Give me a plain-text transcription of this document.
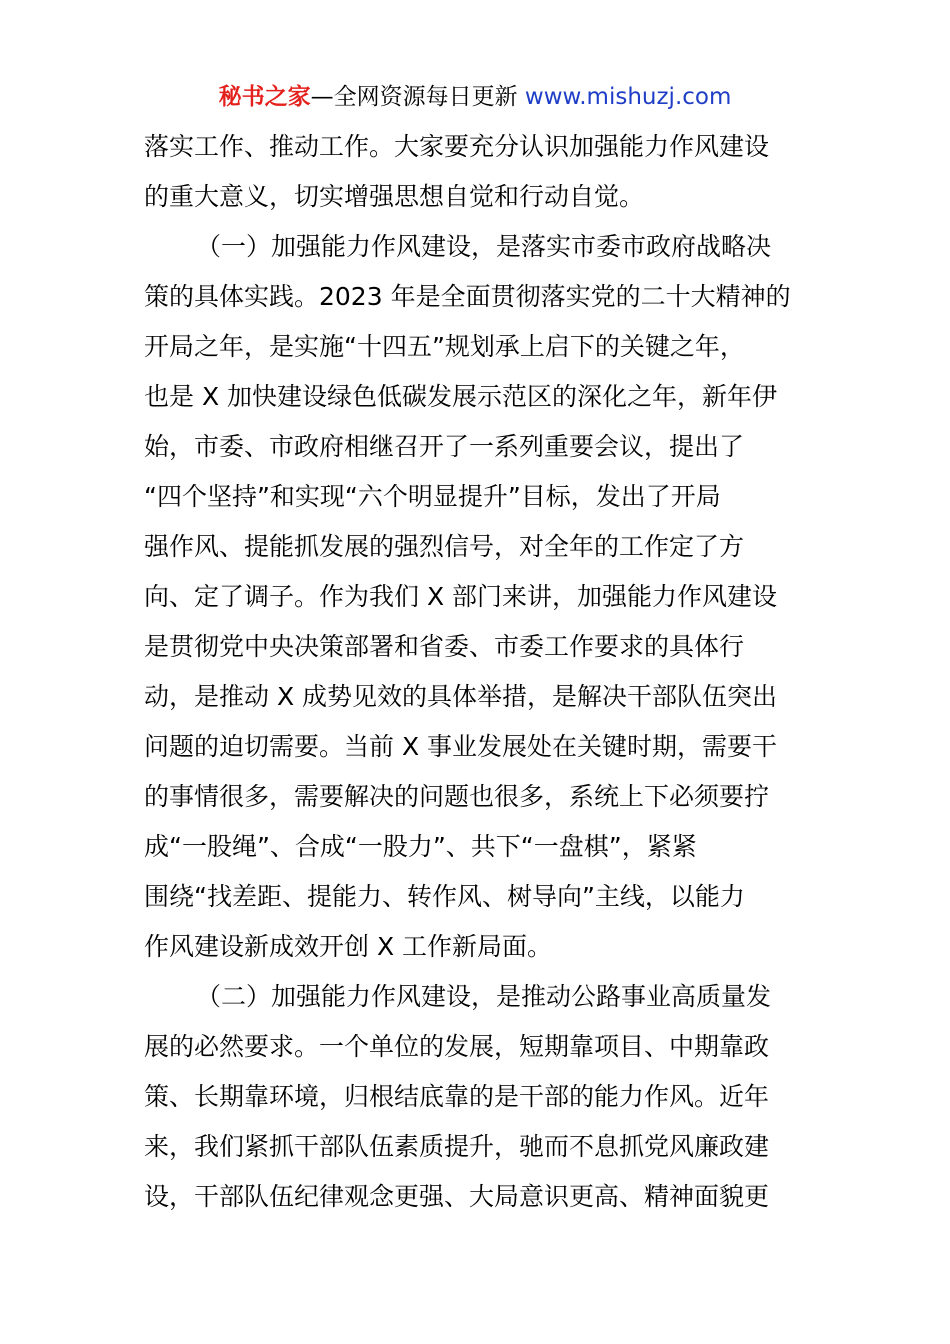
秘书之家—全网资源每日更新 www.mishuzj.com
落实工作、推动工作。大家要充分认识加强能力作风建设
的重大意义，切实增强思想自觉和行动自觉。
（一）加强能力作风建设，是落实市委市政府战略决
策的具体实践。2023 年是全面贯彻落实党的二十大精神的
开局之年，是实施“十四五”规划承上启下的关键之年，
也是 X 加快建设绿色低碳发展示范区的深化之年，新年伊
始，市委、市政府相继召开了一系列重要会议，提出了
“四个坚持”和实现“六个明显提升”目标，发出了开局
强作风、提能抓发展的强烈信号，对全年的工作定了方
向、定了调子。作为我们 X 部门来讲，加强能力作风建设
是贯彻党中央决策部署和省委、市委工作要求的具体行
动，是推动 X 成势见效的具体举措，是解决干部队伍突出
问题的迫切需要。当前 X 事业发展处在关键时期，需要干
的事情很多，需要解决的问题也很多，系统上下必须要拧
成“一股绳”、合成“一股力”、共下“一盘棋”，紧紧
围绕“找差距、提能力、转作风、树导向”主线，以能力
作风建设新成效开创 X 工作新局面。
（二）加强能力作风建设，是推动公路事业高质量发
展的必然要求。一个单位的发展，短期靠项目、中期靠政
策、长期靠环境，归根结底靠的是干部的能力作风。近年
来，我们紧抓干部队伍素质提升，驰而不息抓党风廉政建
设，干部队伍纪律观念更强、大局意识更高、精神面貌更
